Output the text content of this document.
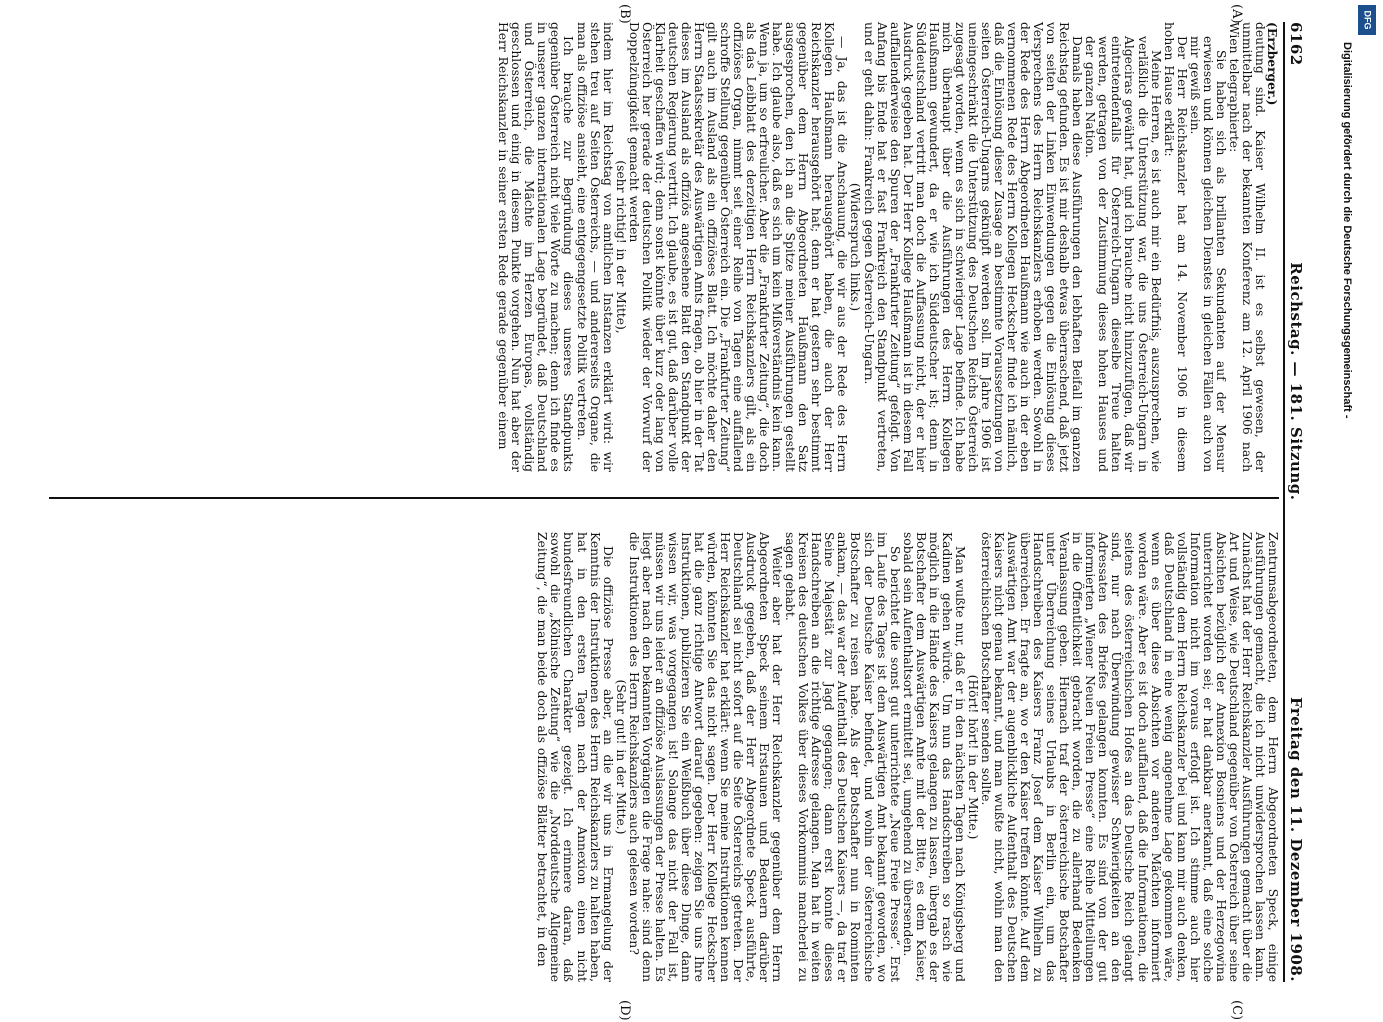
6162
Reichstag. — 181. Sitzung.
Freitag den 11. Dezember 1908.
(A)
(B)

(Erzberger.)

deutung sind. Kaiser Wilhelm II. ist es selbst gewesen, der unmittelbar nach der bekannten Konferenz am 12. April 1906 nach Wien telegraphierte:

Sie haben sich als brillanten Sekundanten auf der Mensur erwiesen und können gleichen Dienstes in gleichen Fällen auch von mir gewiß sein.

Der Herr Reichskanzler hat am 14. November 1906 in diesem hohen Hause erklärt:

Meine Herren, es ist auch mir ein Bedürfnis, auszusprechen, wie verläßlich die Unterstützung war, die uns Österreich-Ungarn in Algeciras gewährt hat, und ich brauche nicht hinzuzufügen, daß wir eintretendenfalls für Österreich-Ungarn dieselbe Treue halten werden, getragen von der Zustimmung dieses hohen Hauses und der ganzen Nation.

Damals haben diese Ausführungen den lebhaften Beifall im ganzen Reichstag gefunden. Es ist mir deshalb etwas überraschend, daß jetzt von seiten der Linken Einwendungen gegen die Einlösung dieses Versprechens des Herrn Reichskanzlers erhoben werden. Sowohl in der Rede des Herrn Abgeordneten Haußmann wie auch in der eben vernommenen Rede des Herrn Kollegen Heckscher finde ich nämlich, daß die Einlösung dieser Zusage an bestimmte Voraussetzungen von seiten Österreich-Ungarns geknüpft werden soll. Im Jahre 1906 ist uneingeschränkt die Unterstützung des Deutschen Reichs Österreich zugesagt worden, wenn es sich in schwieriger Lage befinde. Ich habe mich überhaupt über die Ausführungen des Herrn Kollegen Haußmann gewundert, da er wie ich Süddeutscher ist; denn in Süddeutschland vertritt man doch die Auffassung nicht, der er hier Ausdruck gegeben hat. Der Herr Kollege Haußmann ist in diesem Fall auffallenderweise den Spuren der „Frankfurter Zeitung“ gefolgt. Von Anfang bis Ende hat er fast Frankreich den Standpunkt vertreten, und er geht dahin: Frankreich gegen Österreich-Ungarn.

(Widerspruch links.)

— Ja, das ist die Anschauung, die wir aus der Rede des Herrn Kollegen Haußmann herausgehört haben, die auch der Herr Reichskanzler herausgehört hat; denn er hat gestern sehr bestimmt gegenüber dem Herrn Abgeordneten Haußmann den Satz ausgesprochen, den ich an die Spitze meiner Ausführungen gestellt habe. Ich glaube also, daß es sich um kein Mißverständnis kein kann. Wenn ja, um so erfreulicher. Aber die „Frankfurter Zeitung“, die doch als das Leibblatt des derzeitigen Herrn Reichskanzlers gilt, als ein offiziöses Organ, nimmt seit einer Reihe von Tagen eine auffallend schroffe Stellung gegenüber Österreich ein. Die „Frankfurter Zeitung“ gilt auch im Ausland als ein offiziöses Blatt. Ich möchte daher den Herrn Staatssekretär des Auswärtigen Amts fragen, ob hier in der Tat dieses im Ausland als offiziös angesehene Blatt den Standpunkt der deutschen Regierung vertritt. Ich glaube, es ist gut, daß darüber volle Klarheit geschaffen wird; denn sonst könnte über kurz oder lang von Österreich her gerade der deutschen Politik wieder der Vorwurf der Doppelzüngigkeit gemacht werden

(sehr richtig! in der Mitte),

indem hier im Reichstag von amtlichen Instanzen erklärt wird: wir stehen treu auf Seiten Österreichs, — und andererseits Organe, die man als offiziöse ansieht, eine entgegengesetzte Politik vertreten.

Ich brauche zur Begründung dieses unseres Standpunkts gegenüber Österreich nicht viele Worte zu machen; denn ich finde es in unserer ganzen internationalen Lage begründet, daß Deutschland und Österreich, die Mächte im Herzen Europas, vollständig geschlossen und einig in diesem Punkte vorgehen. Nun hat aber der Herr Reichskanzler in seiner ersten Rede gerade gegenüber einem

(C)
(D)

Zentrumsabgeordneten, dem Herrn Abgeordneten Speck, einige Ausführungen gemacht, die ich nicht unwidersprochen lassen kann. Zunächst hat der Herr Reichskanzler Ausführungen gemacht über die Art und Weise, wie Deutschland gegenüber von Österreich über seine Absichten bezüglich der Annexion Bosniens und der Herzegowina unterrichtet worden sei; er hat dankbar anerkannt, daß eine solche Information nicht im voraus erfolgt ist. Ich stimme auch hier vollständig dem Herrn Reichskanzler bei und kann mir auch denken, daß Deutschland in eine wenig angenehme Lage gekommen wäre, wenn es über diese Absichten vor anderen Mächten informiert worden wäre. Aber es ist doch auffallend, daß die Informationen, die seitens des österreichischen Hofes an das Deutsche Reich gelangt sind, nur nach Überwindung gewisser Schwierigkeiten an den Adressaten des Briefes gelangen konnten. Es sind von der gut informierten „Wiener Neuen Freien Presse“ eine Reihe Mitteilungen in die Öffentlichkeit gebracht worden, die zu allerhand Bedenken Veranlassung geben. Hiernach traf der österreichische Botschafter unter Überreichung seines Urlaubs in Berlin ein, um das Handschreiben des Kaisers Franz Josef dem Kaiser Wilhelm zu überreichen. Er fragte an, wo er den Kaiser treffen könnte. Auf dem Auswärtigen Amt war der augenblickliche Aufenthalt des Deutschen Kaisers nicht genau bekannt, und man wußte nicht, wohin man den österreichischen Botschafter senden sollte.

(Hört! hört! in der Mitte.)

Man wußte nur, daß er in den nächsten Tagen nach Königsberg und Kadinen gehen würde. Um nun das Handschreiben so rasch wie möglich in die Hände des Kaisers gelangen zu lassen, übergab es der Botschafter dem Auswärtigen Amte mit der Bitte, es dem Kaiser, sobald sein Aufenthaltsort ermittelt sei, umgehend zu übersenden.

So berichtet die sonst gut unterrichtete „Neue Freie Presse“. Erst im Laufe des Tages ist dem Auswärtigen Amt bekannt geworden, wo sich der Deutsche Kaiser befindet, und wohin der österreichische Botschafter zu reisen habe. Als der Botschafter nun in Rominten ankam, — das war der Aufenthalt des Deutschen Kaisers —, da traf er Seine Majestät zur Jagd gegangen; dann erst konnte dieses Handschreiben an die richtige Adresse gelangen. Man hat in weiten Kreisen des deutschen Volkes über dieses Vorkommnis mancherlei zu sagen gehabt.

Weiter aber hat der Herr Reichskanzler gegenüber dem Herrn Abgeordneten Speck seinem Erstaunen und Bedauern darüber Ausdruck gegeben, daß der Herr Abgeordnete Speck ausführte, Deutschland sei nicht sofort auf die Seite Österreichs getreten. Der Herr Reichskanzler hat erklärt: wenn Sie meine Instruktionen kennen würden, könnten Sie das nicht sagen. Der Herr Kollege Heckscher hat die ganz richtige Antwort darauf gegeben: zeigen Sie uns Ihre Instruktionen, publizieren Sie ein Weißbuch über diese Dinge, dann wissen wir, was vorgegangen ist! Solange das nicht der Fall ist, müssen wir uns leider an offiziöse Auslassungen der Presse halten. Es liegt aber nach den bekannten Vorgängen die Frage nahe: sind denn die Instruktionen des Herrn Reichskanzlers auch gelesen worden?

(Sehr gut! in der Mitte.)

Die offiziöse Presse aber, an die wir uns in Ermangelung der Kenntnis der Instruktionen des Herrn Reichskanzlers zu halten haben, hat in den ersten Tagen nach der Annexion einen nicht bundesfreundlichen Charakter gezeigt. Ich erinnere daran, daß sowohl die „Kölnische Zeitung“ wie die „Norddeutsche Allgemeine Zeitung“, die man beide doch als offiziöse Blätter betrachtet, in den

DFG
Digitalisierung gefördert durch die Deutsche Forschungsgemeinschaft -
